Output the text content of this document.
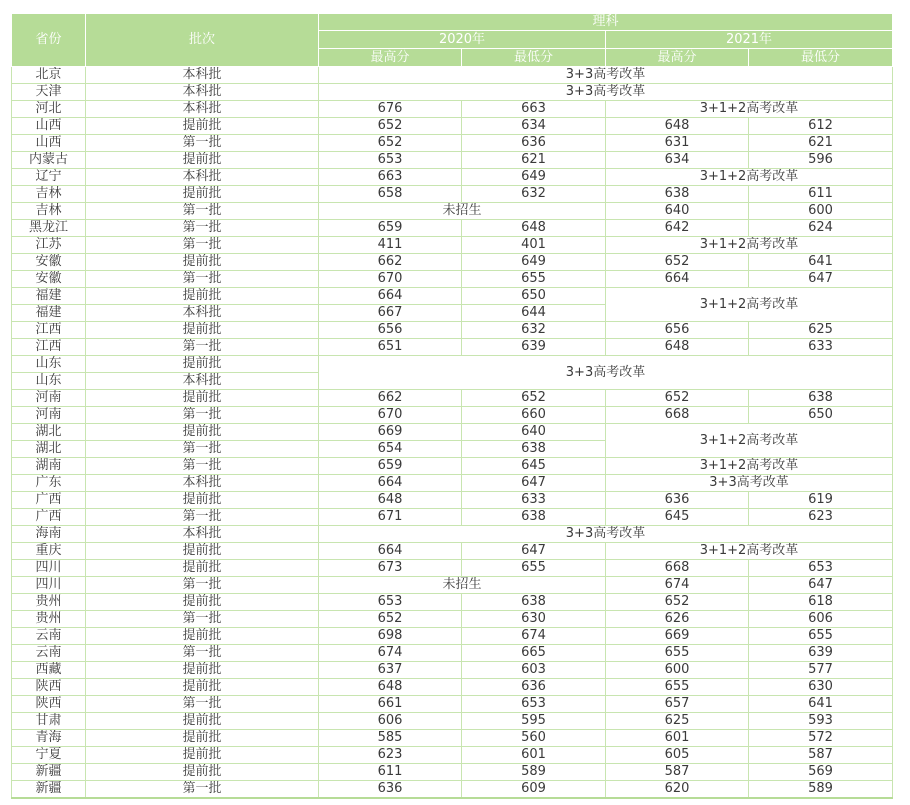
省份	批次	理科			
		2020年		2021年	
		最高分	最低分	最高分	最低分
北京	本科批	3+3高考改革			
天津	本科批	3+3高考改革			
河北	本科批	676	663	3+1+2高考改革	
山西	提前批	652	634	648	612
山西	第一批	652	636	631	621
内蒙古	提前批	653	621	634	596
辽宁	本科批	663	649	3+1+2高考改革	
吉林	提前批	658	632	638	611
吉林	第一批	未招生		640	600
黑龙江	第一批	659	648	642	624
江苏	第一批	411	401	3+1+2高考改革	
安徽	提前批	662	649	652	641
安徽	第一批	670	655	664	647
福建	提前批	664	650	3+1+2高考改革	
福建	本科批	667	644		
江西	提前批	656	632	656	625
江西	第一批	651	639	648	633
山东	提前批	3+3高考改革			
山东	本科批				
河南	提前批	662	652	652	638
河南	第一批	670	660	668	650
湖北	提前批	669	640	3+1+2高考改革	
湖北	第一批	654	638		
湖南	第一批	659	645	3+1+2高考改革	
广东	本科批	664	647	3+3高考改革	
广西	提前批	648	633	636	619
广西	第一批	671	638	645	623
海南	本科批	3+3高考改革			
重庆	提前批	664	647	3+1+2高考改革	
四川	提前批	673	655	668	653
四川	第一批	未招生		674	647
贵州	提前批	653	638	652	618
贵州	第一批	652	630	626	606
云南	提前批	698	674	669	655
云南	第一批	674	665	655	639
西藏	提前批	637	603	600	577
陕西	提前批	648	636	655	630
陕西	第一批	661	653	657	641
甘肃	提前批	606	595	625	593
青海	提前批	585	560	601	572
宁夏	提前批	623	601	605	587
新疆	提前批	611	589	587	569
新疆	第一批	636	609	620	589
